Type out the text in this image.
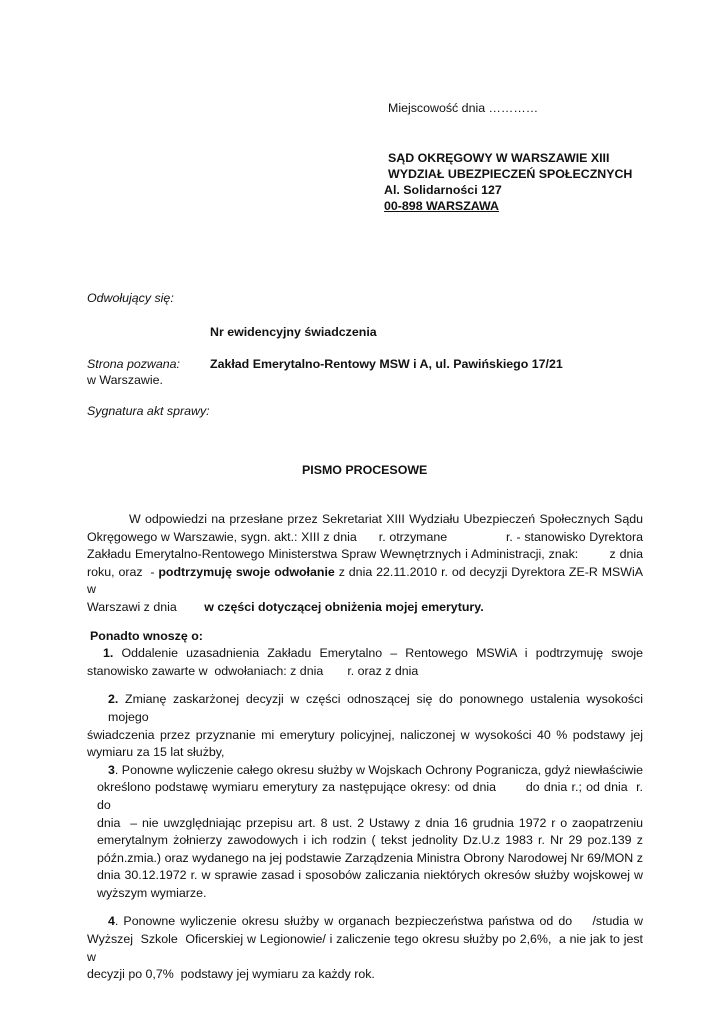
Miejscowość dnia …………
SĄD OKRĘGOWY W WARSZAWIE XIII
WYDZIAŁ UBEZPIECZEŃ SPOŁECZNYCH
Al. Solidarności 127
00-898 WARSZAWA
Odwołujący się:
Nr ewidencyjny świadczenia
Strona pozwana: Zakład Emerytalno-Rentowy MSW i A, ul. Pawińskiego 17/21
w Warszawie.
Sygnatura akt sprawy:
PISMO PROCESOWE
W odpowiedzi na przesłane przez Sekretariat XIII Wydziału Ubezpieczeń Społecznych Sądu
Okręgowego w Warszawie, sygn. akt.: XIII z dnia      r. otrzymane                r. - stanowisko Dyrektora
Zakładu Emerytalno-Rentowego Ministerstwa Spraw Wewnętrznych i Administracji, znak:        z dnia
roku, oraz  - podtrzymuję swoje odwołanie z dnia 22.11.2010 r. od decyzji Dyrektora ZE-R MSWiA w
Warszawi z dnia        w części dotyczącej obniżenia mojej emerytury.
Ponadto wnoszę o:
1. Oddalenie uzasadnienia Zakładu Emerytalno – Rentowego MSWiA i podtrzymuję swoje
stanowisko zawarte w  odwołaniach: z dnia       r. oraz z dnia
2. Zmianę zaskarżonej decyzji w części odnoszącej się do ponownego ustalenia wysokości mojego
świadczenia przez przyznanie mi emerytury policyjnej, naliczonej w wysokości 40 % podstawy jej
wymiaru za 15 lat służby,
3. Ponowne wyliczenie całego okresu służby w Wojskach Ochrony Pogranicza, gdyż niewłaściwie
określono podstawę wymiaru emerytury za następujące okresy: od dnia       do dnia r.; od dnia  r. do
dnia  – nie uwzględniając przepisu art. 8 ust. 2 Ustawy z dnia 16 grudnia 1972 r o zaopatrzeniu
emerytalnym żołnierzy zawodowych i ich rodzin ( tekst jednolity Dz.U.z 1983 r. Nr 29 poz.139 z
późn.zmia.) oraz wydanego na jej podstawie Zarządzenia Ministra Obrony Narodowej Nr 69/MON z
dnia 30.12.1972 r. w sprawie zasad i sposobów zaliczania niektórych okresów służby wojskowej w
wyższym wymiarze.
4. Ponowne wyliczenie okresu służby w organach bezpieczeństwa państwa od do    /studia w
Wyższej  Szkole  Oficerskiej w Legionowie/ i zaliczenie tego okresu służby po 2,6%,  a nie jak to jest w
decyzji po 0,7%  podstawy jej wymiaru za każdy rok.
